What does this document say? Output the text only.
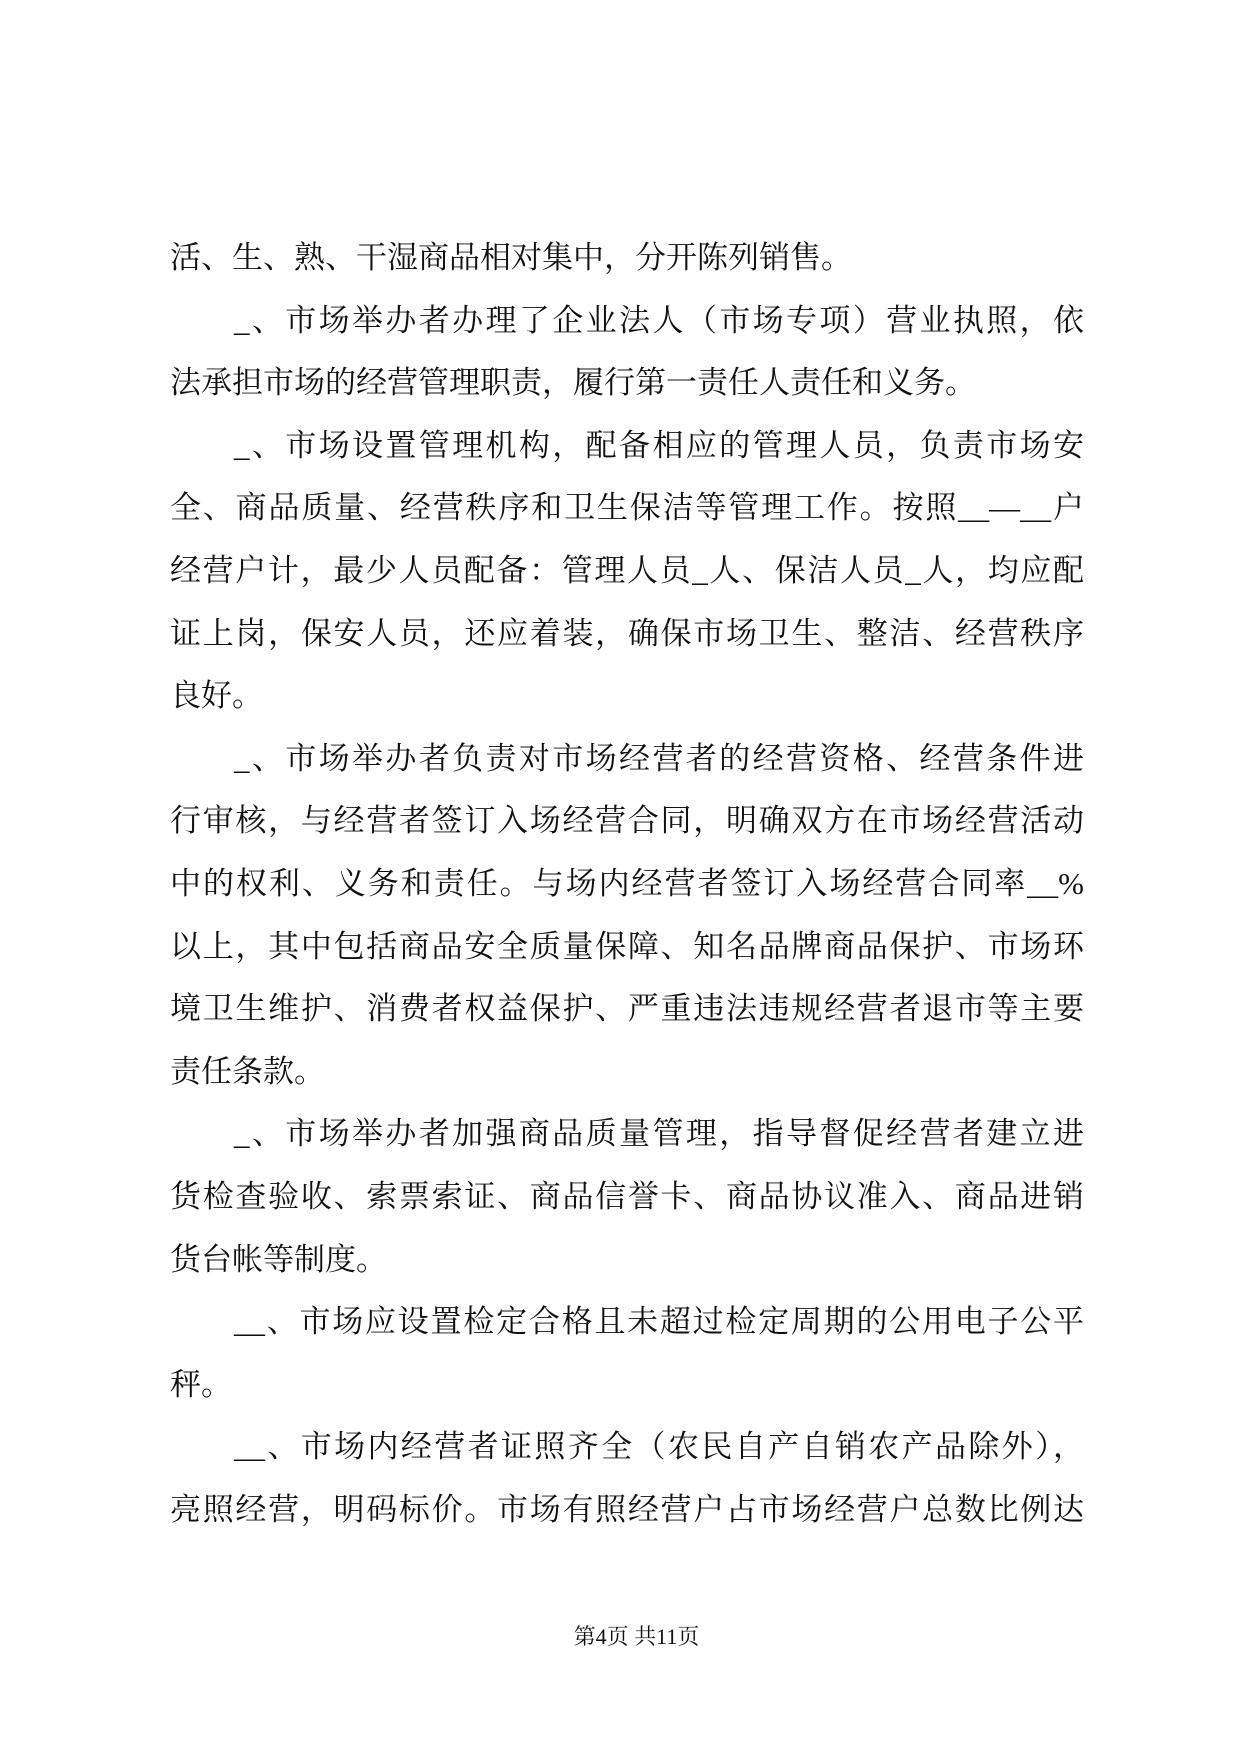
活、生、熟、干湿商品相对集中，分开陈列销售。
_、市场举办者办理了企业法人（市场专项）营业执照，依
法承担市场的经营管理职责，履行第一责任人责任和义务。
_、市场设置管理机构，配备相应的管理人员，负责市场安
全、商品质量、经营秩序和卫生保洁等管理工作。按照__—__户
经营户计，最少人员配备：管理人员_人、保洁人员_人，均应配
证上岗，保安人员，还应着装，确保市场卫生、整洁、经营秩序
良好。
_、市场举办者负责对市场经营者的经营资格、经营条件进
行审核，与经营者签订入场经营合同，明确双方在市场经营活动
中的权利、义务和责任。与场内经营者签订入场经营合同率__%
以上，其中包括商品安全质量保障、知名品牌商品保护、市场环
境卫生维护、消费者权益保护、严重违法违规经营者退市等主要
责任条款。
_、市场举办者加强商品质量管理，指导督促经营者建立进
货检查验收、索票索证、商品信誉卡、商品协议准入、商品进销
货台帐等制度。
__、市场应设置检定合格且未超过检定周期的公用电子公平
秤。
__、市场内经营者证照齐全（农民自产自销农产品除外），
亮照经营，明码标价。市场有照经营户占市场经营户总数比例达
第4页 共11页
